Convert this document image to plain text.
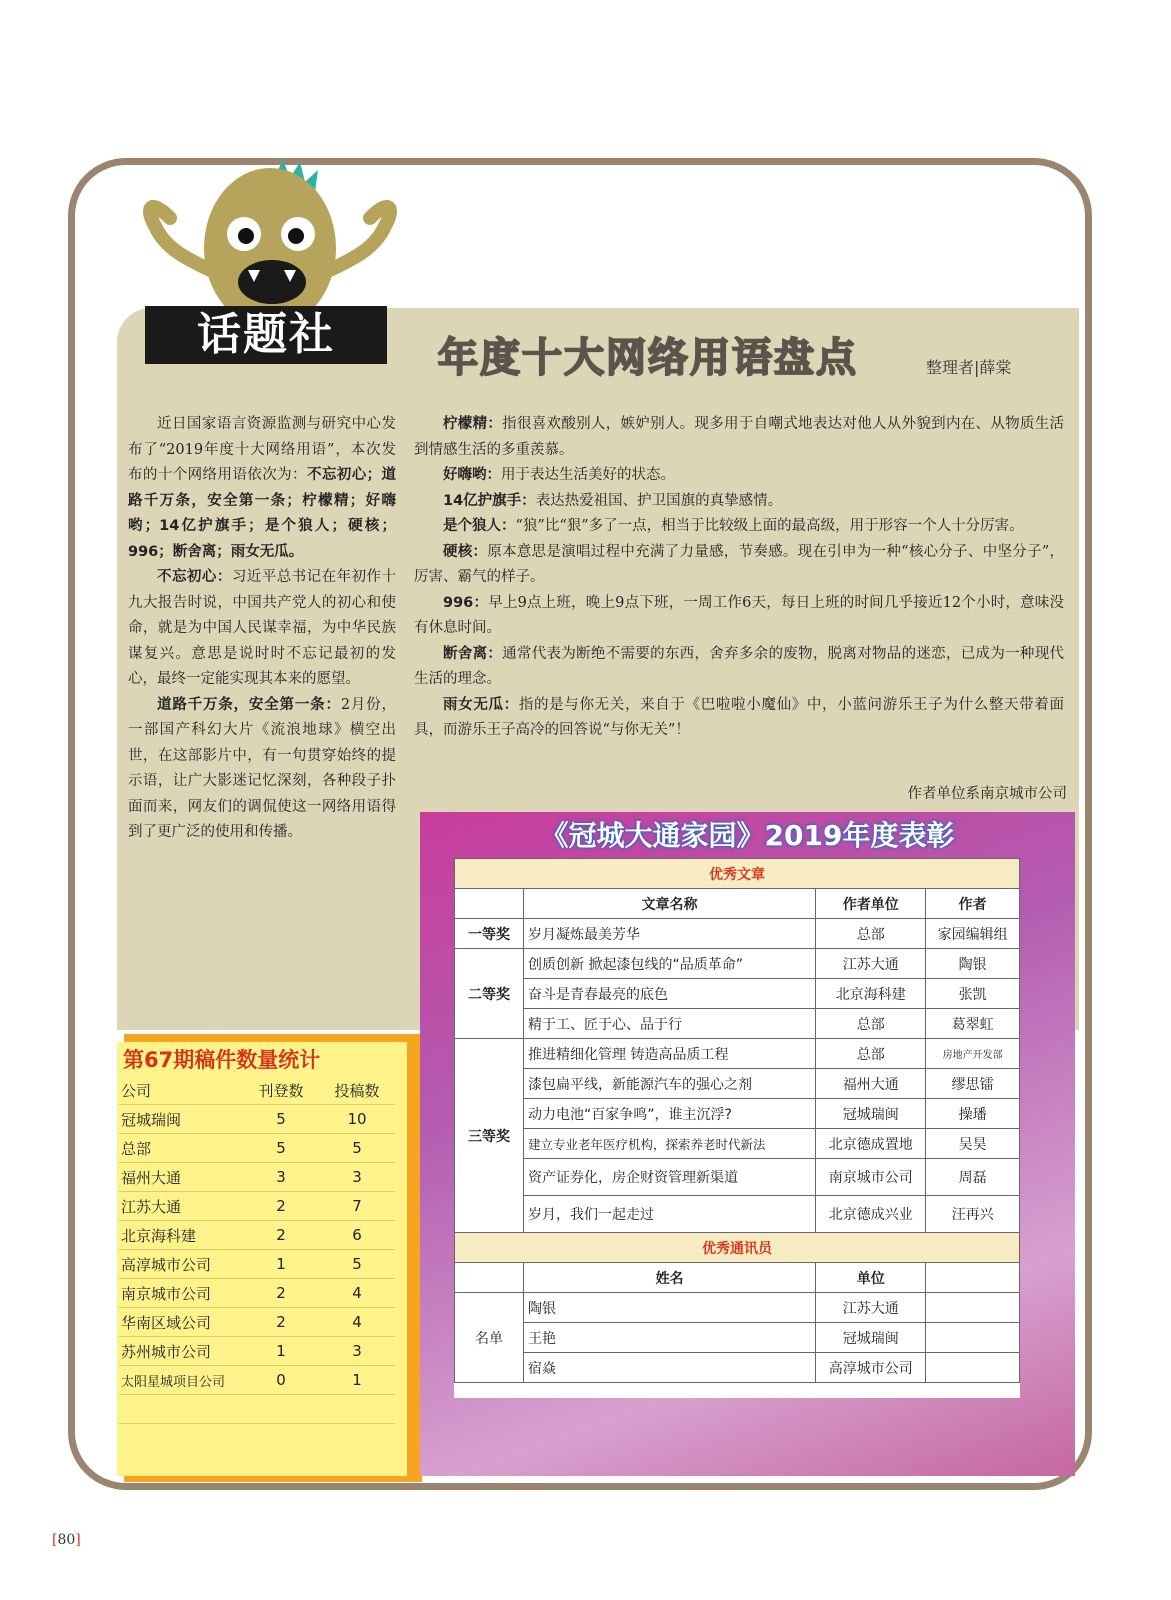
话题社	年度十大网络用语盘点	整理者|薛棠

近日国家语言资源监测与研究中心发布了“2019年度十大网络用语”，本次发布的十个网络用语依次为：不忘初心；道路千万条，安全第一条；柠檬精；好嗨哟；14亿护旗手；是个狼人；硬核；996；断舍离；雨女无瓜。

不忘初心：习近平总书记在年初作十九大报告时说，中国共产党人的初心和使命，就是为中国人民谋幸福，为中华民族谋复兴。意思是说时时不忘记最初的发心，最终一定能实现其本来的愿望。

道路千万条，安全第一条：2月份，一部国产科幻大片《流浪地球》横空出世，在这部影片中，有一句贯穿始终的提示语，让广大影迷记忆深刻，各种段子扑面而来，网友们的调侃使这一网络用语得到了更广泛的使用和传播。

柠檬精：指很喜欢酸别人，嫉妒别人。现多用于自嘲式地表达对他人从外貌到内在、从物质生活到情感生活的多重羡慕。

好嗨哟：用于表达生活美好的状态。

14亿护旗手：表达热爱祖国、护卫国旗的真挚感情。

是个狼人：“狼”比“狠”多了一点，相当于比较级上面的最高级，用于形容一个人十分厉害。

硬核：原本意思是演唱过程中充满了力量感，节奏感。现在引申为一种“核心分子、中坚分子”，厉害、霸气的样子。

996：早上9点上班，晚上9点下班，一周工作6天，每日上班的时间几乎接近12个小时，意味没有休息时间。

断舍离：通常代表为断绝不需要的东西，舍弃多余的废物，脱离对物品的迷恋，已成为一种现代生活的理念。

雨女无瓜：指的是与你无关，来自于《巴啦啦小魔仙》中，小蓝问游乐王子为什么整天带着面具，而游乐王子高冷的回答说“与你无关”！

作者单位系南京城市公司
第67期稿件数量统计
公司	刊登数	投稿数
冠城瑞闽	5	10
总部	5	5
福州大通	3	3
江苏大通	2	7
北京海科建	2	6
高淳城市公司	1	5
南京城市公司	2	4
华南区域公司	2	4
苏州城市公司	1	3
太阳星城项目公司	0	1

《冠城大通家园》2019年度表彰
优秀文章			
	文章名称	作者单位	作者
一等奖	岁月凝炼最美芳华	总部	家园编辑组
二等奖	创质创新 掀起漆包线的“品质革命”	江苏大通	陶银
	奋斗是青春最亮的底色	北京海科建	张凯
	精于工、匠于心、品于行	总部	葛翠虹
三等奖	推进精细化管理 铸造高品质工程	总部	房地产开发部
	漆包扁平线，新能源汽车的强心之剂	福州大通	缪思镭
	动力电池“百家争鸣”，谁主沉浮?	冠城瑞闽	操璠
	建立专业老年医疗机构，探索养老时代新法	北京德成置地	吴昊
	资产证券化，房企财资管理新渠道	南京城市公司	周磊
	岁月，我们一起走过	北京德成兴业	汪再兴
优秀通讯员			
	姓名	单位	
名单	陶银	江苏大通	
	王艳	冠城瑞闽	
	宿焱	高淳城市公司	
[80]
